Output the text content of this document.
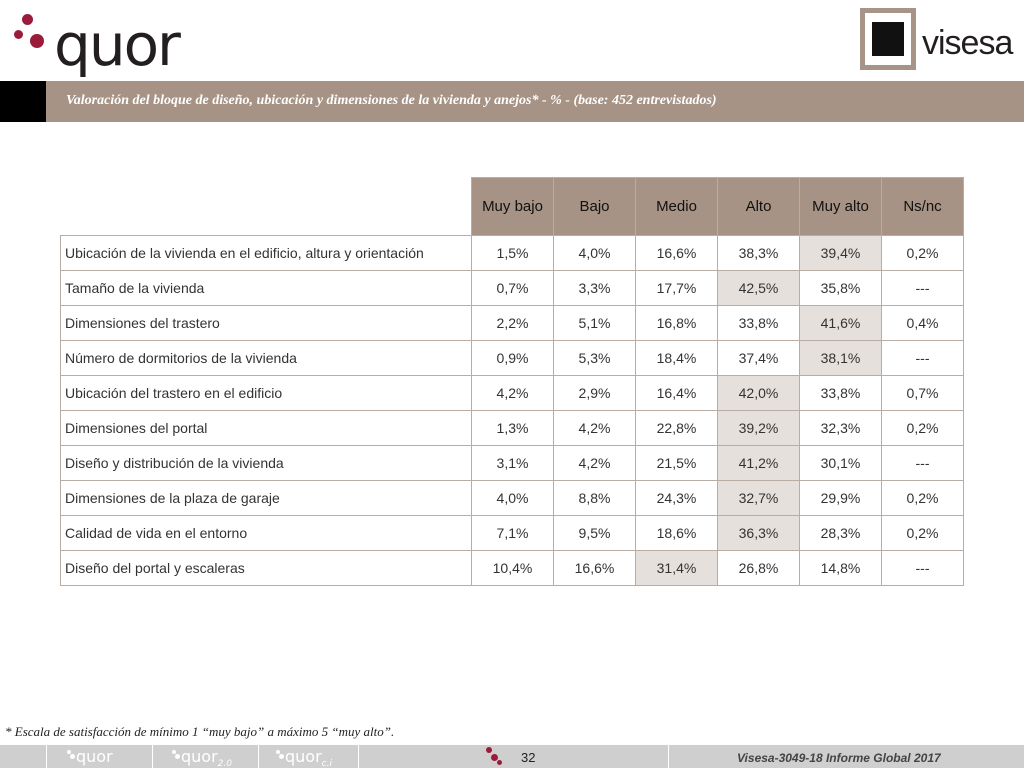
quor	visesa
Valoración del bloque de diseño, ubicación y dimensiones de la vivienda y anejos* - % - (base: 452 entrevistados)
	Muy bajo	Bajo	Medio	Alto	Muy alto	Ns/nc
Ubicación de la vivienda en el edificio, altura y orientación	1,5%	4,0%	16,6%	38,3%	39,4%	0,2%
Tamaño de la vivienda	0,7%	3,3%	17,7%	42,5%	35,8%	---
Dimensiones del trastero	2,2%	5,1%	16,8%	33,8%	41,6%	0,4%
Número de dormitorios de la vivienda	0,9%	5,3%	18,4%	37,4%	38,1%	---
Ubicación del trastero en el edificio	4,2%	2,9%	16,4%	42,0%	33,8%	0,7%
Dimensiones del portal	1,3%	4,2%	22,8%	39,2%	32,3%	0,2%
Diseño y distribución de la vivienda	3,1%	4,2%	21,5%	41,2%	30,1%	---
Dimensiones de la plaza de garaje	4,0%	8,8%	24,3%	32,7%	29,9%	0,2%
Calidad de vida en el entorno	7,1%	9,5%	18,6%	36,3%	28,3%	0,2%
Diseño del portal y escaleras	10,4%	16,6%	31,4%	26,8%	14,8%	---
* Escala de satisfacción de mínimo 1 “muy bajo” a máximo 5 “muy alto”.
quor	quor$_{2.0}$	quor$_{c.i}$	32	Visesa-3049-18 Informe Global 2017
